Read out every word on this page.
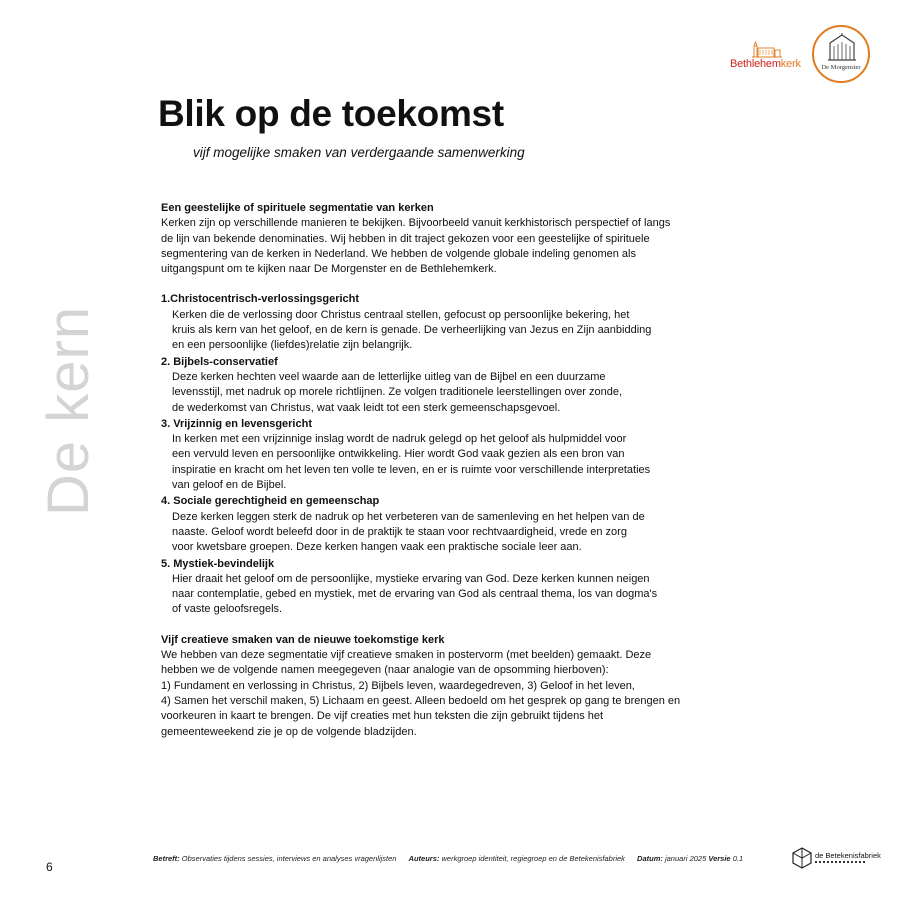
Bethlehemkerk	De Morgenster
Blik op de toekomst
vijf mogelijke smaken van verdergaande samenwerking
De kern
Een geestelijke of spirituele segmentatie van kerken

Kerken zijn op verschillende manieren te bekijken. Bijvoorbeeld vanuit kerkhistorisch perspectief of langs
de lijn van bekende denominaties. Wij hebben in dit traject gekozen voor een geestelijke of spirituele
segmentering van de kerken in Nederland. We hebben de volgende globale indeling genomen als
uitgangspunt om te kijken naar De Morgenster en de Bethlehemkerk.

1.Christocentrisch-verlossingsgericht

Kerken die de verlossing door Christus centraal stellen, gefocust op persoonlijke bekering, het
kruis als kern van het geloof, en de kern is genade. De verheerlijking van Jezus en Zijn aanbidding
en een persoonlijke (liefdes)relatie zijn belangrijk.

2. Bijbels-conservatief

Deze kerken hechten veel waarde aan de letterlijke uitleg van de Bijbel en een duurzame
levensstijl, met nadruk op morele richtlijnen. Ze volgen traditionele leerstellingen over zonde,
de wederkomst van Christus, wat vaak leidt tot een sterk gemeenschapsgevoel.

3. Vrijzinnig en levensgericht

In kerken met een vrijzinnige inslag wordt de nadruk gelegd op het geloof als hulpmiddel voor
een vervuld leven en persoonlijke ontwikkeling. Hier wordt God vaak gezien als een bron van
inspiratie en kracht om het leven ten volle te leven, en er is ruimte voor verschillende interpretaties
van geloof en de Bijbel.

4. Sociale gerechtigheid en gemeenschap

Deze kerken leggen sterk de nadruk op het verbeteren van de samenleving en het helpen van de
naaste. Geloof wordt beleefd door in de praktijk te staan voor rechtvaardigheid, vrede en zorg
voor kwetsbare groepen. Deze kerken hangen vaak een praktische sociale leer aan.

5. Mystiek-bevindelijk

Hier draait het geloof om de persoonlijke, mystieke ervaring van God. Deze kerken kunnen neigen
naar contemplatie, gebed en mystiek, met de ervaring van God als centraal thema, los van dogma's
of vaste geloofsregels.

Vijf creatieve smaken van de nieuwe toekomstige kerk

We hebben van deze segmentatie vijf creatieve smaken in postervorm (met beelden) gemaakt. Deze
hebben we de volgende namen meegegeven (naar analogie van de opsomming hierboven):
1) Fundament en verlossing in Christus, 2) Bijbels leven, waardegedreven, 3) Geloof in het leven,
4) Samen het verschil maken, 5) Lichaam en geest. Alleen bedoeld om het gesprek op gang te brengen en
voorkeuren in kaart te brengen. De vijf creaties met hun teksten die zijn gebruikt tijdens het
gemeenteweekend zie je op de volgende bladzijden.

6
Betreft: Observaties tijdens sessies, interviews en analyses vragenlijsten Auteurs: werkgroep identiteit, regiegroep en de Betekenisfabriek Datum: januari 2025 Versie 0.1	de Betekenisfabriek
